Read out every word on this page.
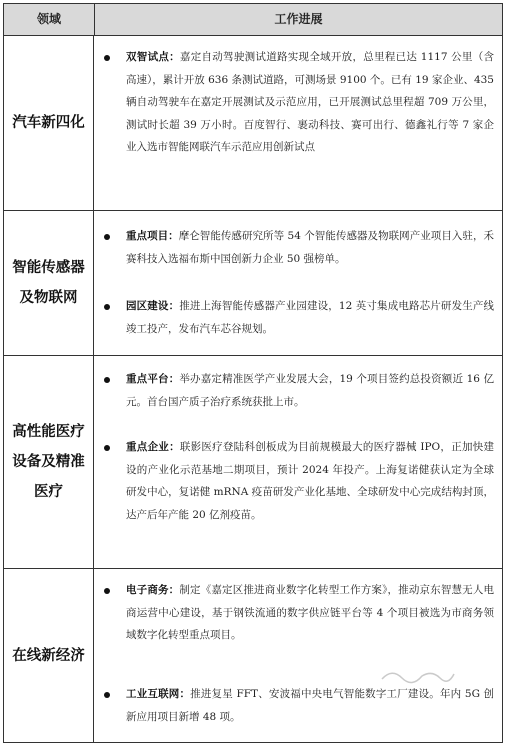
领域	工作进展
汽车新四化
双智试点：嘉定自动驾驶测试道路实现全域开放，总里程已达 1117 公里（含高速），累计开放 636 条测试道路，可测场景 9100 个。已有 19 家企业、435 辆自动驾驶车在嘉定开展测试及示范应用，已开展测试总里程超 709 万公里，测试时长超 39 万小时。百度智行、裹动科技、赛可出行、德鑫礼行等 7 家企业入选市智能网联汽车示范应用创新试点
智能传感器
及物联网
重点项目：摩仑智能传感研究所等 54 个智能传感器及物联网产业项目入驻，禾赛科技入选福布斯中国创新力企业 50 强榜单。
园区建设：推进上海智能传感器产业园建设，12 英寸集成电路芯片研发生产线竣工投产，发布汽车芯谷规划。
高性能医疗
设备及精准
医疗
重点平台：举办嘉定精准医学产业发展大会，19 个项目签约总投资额近 16 亿元。首台国产质子治疗系统获批上市。
重点企业：联影医疗登陆科创板成为目前规模最大的医疗器械 IPO，正加快建设的产业化示范基地二期项目，预计 2024 年投产。上海复诺健获认定为全球研发中心，复诺健 mRNA 疫苗研发产业化基地、全球研发中心完成结构封顶，达产后年产能 20 亿剂疫苗。
在线新经济
电子商务：制定《嘉定区推进商业数字化转型工作方案》，推动京东智慧无人电商运营中心建设，基于钢铁流通的数字供应链平台等 4 个项目被选为市商务领域数字化转型重点项目。
工业互联网：推进复星 FFT、安波福中央电气智能数字工厂建设。年内 5G 创新应用项目新增 48 项。
